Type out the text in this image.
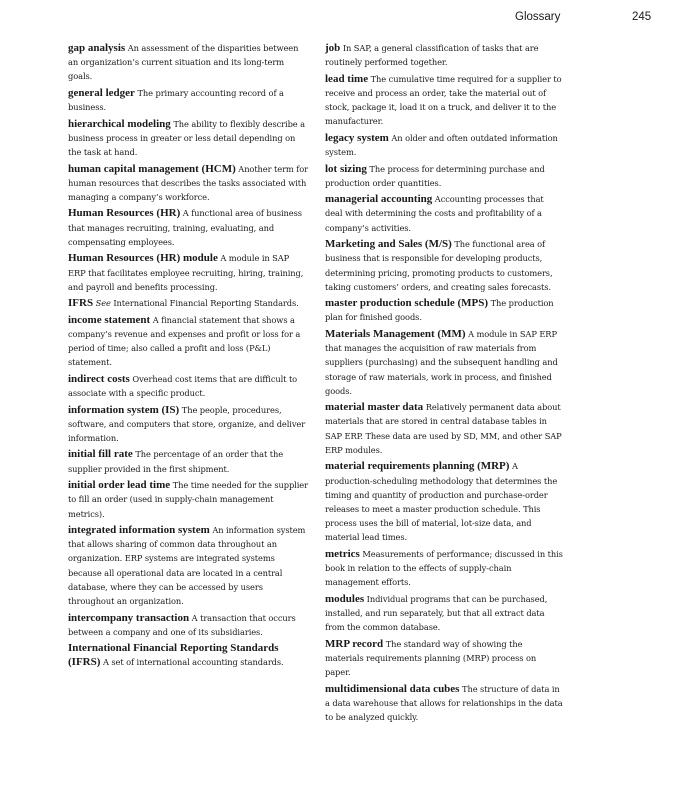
Glossary	245

gap analysis An assessment of the disparities between an organization’s current situation and its long-term goals.

general ledger The primary accounting record of a business.

hierarchical modeling The ability to flexibly describe a business process in greater or less detail depending on the task at hand.

human capital management (HCM) Another term for human resources that describes the tasks associated with managing a company’s workforce.

Human Resources (HR) A functional area of business that manages recruiting, training, evaluating, and compensating employees.

Human Resources (HR) module A module in SAP ERP that facilitates employee recruiting, hiring, training, and payroll and benefits processing.

IFRS See International Financial Reporting Standards.

income statement A financial statement that shows a company’s revenue and expenses and profit or loss for a period of time; also called a profit and loss (P&L) statement.

indirect costs Overhead cost items that are difficult to associate with a specific product.

information system (IS) The people, procedures, software, and computers that store, organize, and deliver information.

initial fill rate The percentage of an order that the supplier provided in the first shipment.

initial order lead time The time needed for the supplier to fill an order (used in supply-chain management metrics).

integrated information system An information system that allows sharing of common data throughout an organization. ERP systems are integrated systems because all operational data are located in a central database, where they can be accessed by users throughout an organization.

intercompany transaction A transaction that occurs between a company and one of its subsidiaries.

International Financial Reporting Standards (IFRS) A set of international accounting standards.

job In SAP, a general classification of tasks that are routinely performed together.

lead time The cumulative time required for a supplier to receive and process an order, take the material out of stock, package it, load it on a truck, and deliver it to the manufacturer.

legacy system An older and often outdated information system.

lot sizing The process for determining purchase and production order quantities.

managerial accounting Accounting processes that deal with determining the costs and profitability of a company’s activities.

Marketing and Sales (M/S) The functional area of business that is responsible for developing products, determining pricing, promoting products to customers, taking customers’ orders, and creating sales forecasts.

master production schedule (MPS) The production plan for finished goods.

Materials Management (MM) A module in SAP ERP that manages the acquisition of raw materials from suppliers (purchasing) and the subsequent handling and storage of raw materials, work in process, and finished goods.

material master data Relatively permanent data about materials that are stored in central database tables in SAP ERP. These data are used by SD, MM, and other SAP ERP modules.

material requirements planning (MRP) A production-scheduling methodology that determines the timing and quantity of production and purchase-order releases to meet a master production schedule. This process uses the bill of material, lot-size data, and material lead times.

metrics Measurements of performance; discussed in this book in relation to the effects of supply-chain management efforts.

modules Individual programs that can be purchased, installed, and run separately, but that all extract data from the common database.

MRP record The standard way of showing the materials requirements planning (MRP) process on paper.

multidimensional data cubes The structure of data in a data warehouse that allows for relationships in the data to be analyzed quickly.
